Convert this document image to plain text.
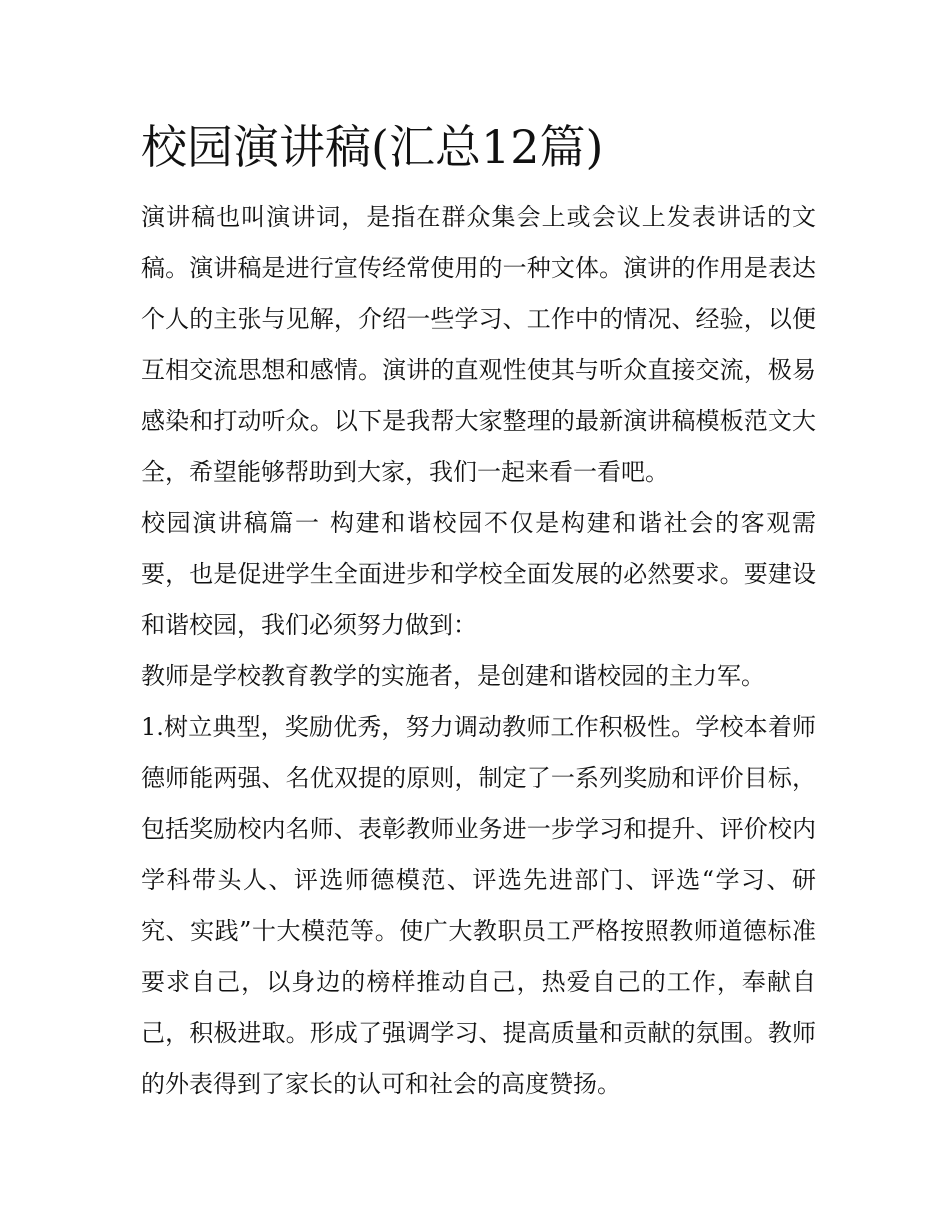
校园演讲稿(汇总12篇)

演讲稿也叫演讲词，是指在群众集会上或会议上发表讲话的文稿。演讲稿是进行宣传经常使用的一种文体。演讲的作用是表达个人的主张与见解，介绍一些学习、工作中的情况、经验，以便互相交流思想和感情。演讲的直观性使其与听众直接交流，极易感染和打动听众。以下是我帮大家整理的最新演讲稿模板范文大全，希望能够帮助到大家，我们一起来看一看吧。

校园演讲稿篇一 构建和谐校园不仅是构建和谐社会的客观需要，也是促进学生全面进步和学校全面发展的必然要求。要建设和谐校园，我们必须努力做到：

教师是学校教育教学的实施者，是创建和谐校园的主力军。

1.树立典型，奖励优秀，努力调动教师工作积极性。学校本着师德师能两强、名优双提的原则，制定了一系列奖励和评价目标，包括奖励校内名师、表彰教师业务进一步学习和提升、评价校内学科带头人、评选师德模范、评选先进部门、评选“学习、研究、实践”十大模范等。使广大教职员工严格按照教师道德标准要求自己，以身边的榜样推动自己，热爱自己的工作，奉献自己，积极进取。形成了强调学习、提高质量和贡献的氛围。教师的外表得到了家长的认可和社会的高度赞扬。
